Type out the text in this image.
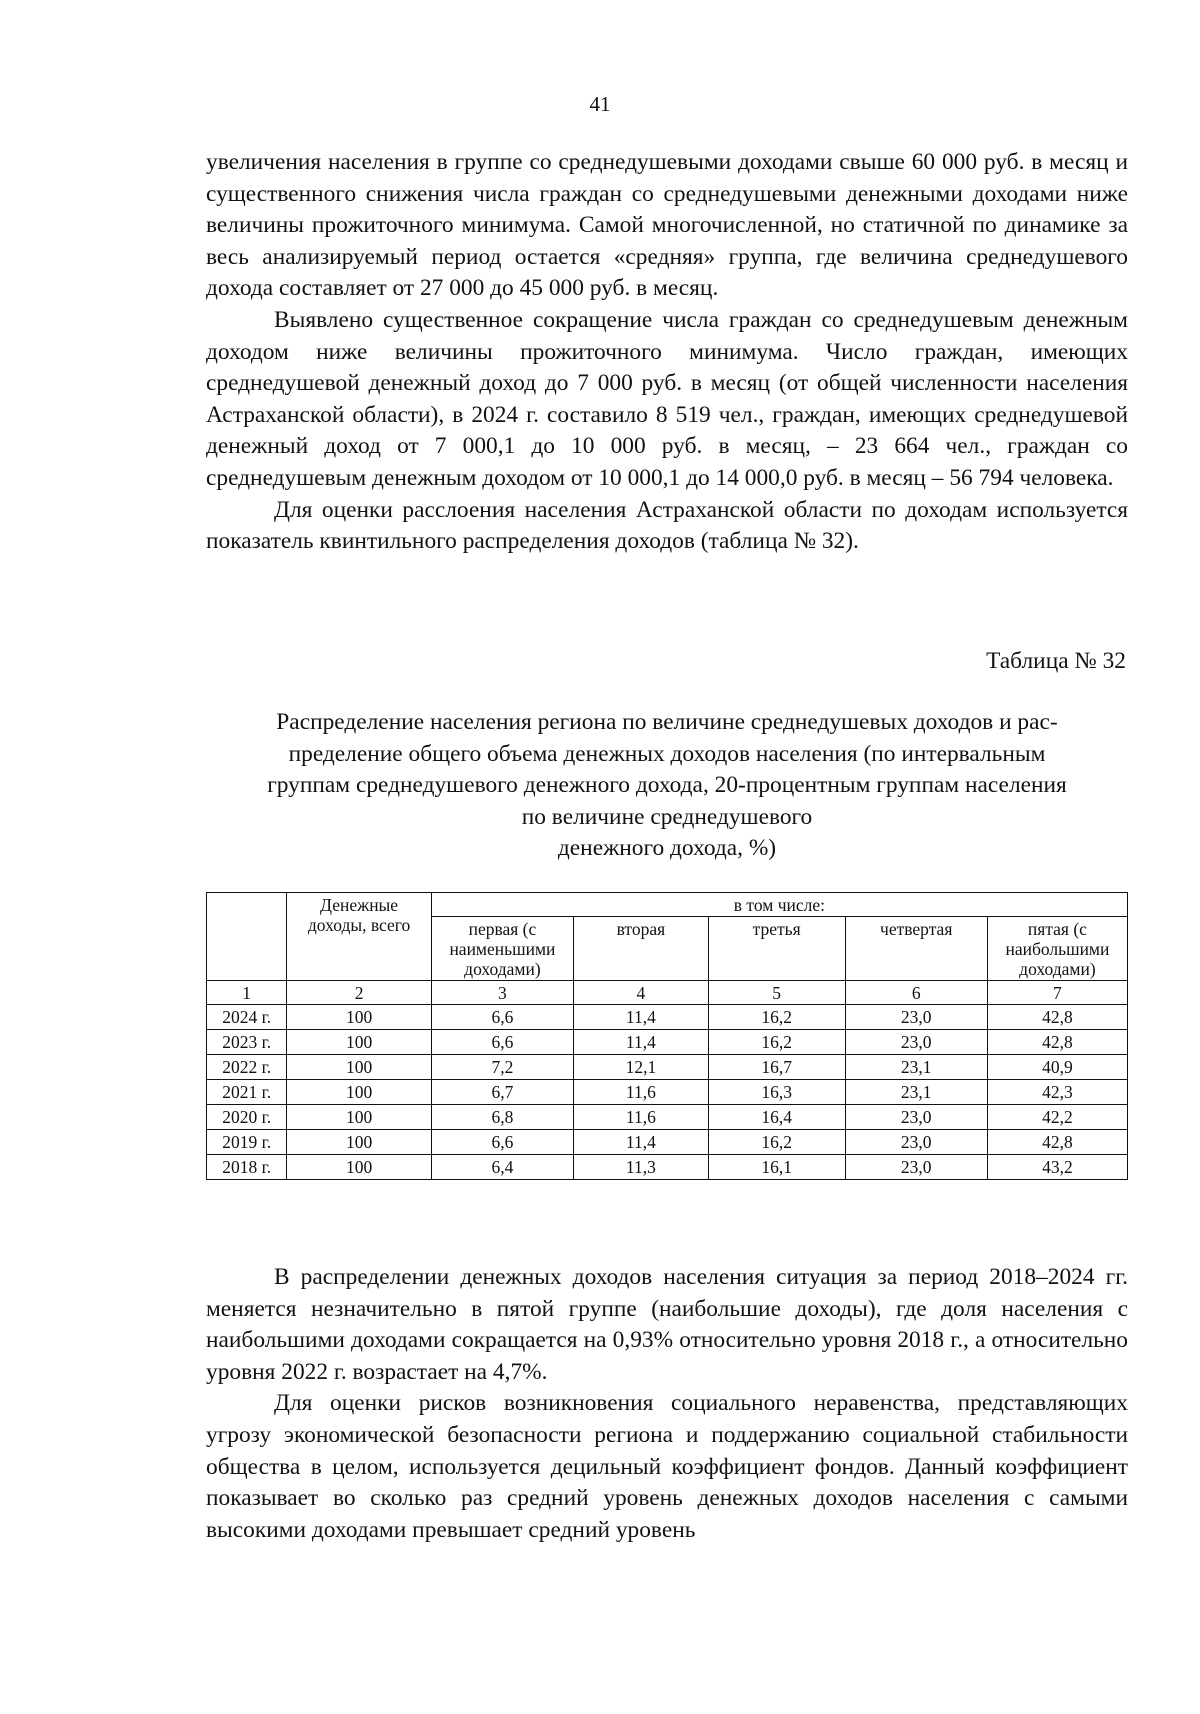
41

увеличения населения в группе со среднедушевыми доходами свыше 60 000 руб. в месяц и существенного снижения числа граждан со среднедушевыми денежными доходами ниже величины прожиточного минимума. Самой многочисленной, но статичной по динамике за весь анализируемый период остается «средняя» группа, где величина среднедушевого дохода составляет от 27 000 до 45 000 руб. в месяц.

Выявлено существенное сокращение числа граждан со среднедушевым денежным доходом ниже величины прожиточного минимума. Число граждан, имеющих среднедушевой денежный доход до 7 000 руб. в месяц (от общей численности населения Астраханской области), в 2024 г. составило 8 519 чел., граждан, имеющих среднедушевой денежный доход от 7 000,1 до 10 000 руб. в месяц, – 23 664 чел., граждан со среднедушевым денежным доходом от 10 000,1 до 14 000,0 руб. в месяц – 56 794 человека.

Для оценки расслоения населения Астраханской области по доходам используется показатель квинтильного распределения доходов (таблица № 32).

Таблица № 32
Распределение населения региона по величине среднедушевых доходов и рас-
пределение общего объема денежных доходов населения (по интервальным
группам среднедушевого денежного дохода, 20-процентным группам населения
по величине среднедушевого
денежного дохода, %)
	Денежные доходы, всего	в том числе:				
		первая (с наименьшими доходами)	вторая	третья	четвертая	пятая (с наибольшими доходами)
1	2	3	4	5	6	7
2024 г.	100	6,6	11,4	16,2	23,0	42,8
2023 г.	100	6,6	11,4	16,2	23,0	42,8
2022 г.	100	7,2	12,1	16,7	23,1	40,9
2021 г.	100	6,7	11,6	16,3	23,1	42,3
2020 г.	100	6,8	11,6	16,4	23,0	42,2
2019 г.	100	6,6	11,4	16,2	23,0	42,8
2018 г.	100	6,4	11,3	16,1	23,0	43,2

В распределении денежных доходов населения ситуация за период 2018–2024 гг. меняется незначительно в пятой группе (наибольшие доходы), где доля населения с наибольшими доходами сокращается на 0,93% относительно уровня 2018 г., а относительно уровня 2022 г. возрастает на 4,7%.

Для оценки рисков возникновения социального неравенства, представляющих угрозу экономической безопасности региона и поддержанию социальной стабильности общества в целом, используется децильный коэффициент фондов. Данный коэффициент показывает во сколько раз средний уровень денежных доходов населения с самыми высокими доходами превышает средний уровень
